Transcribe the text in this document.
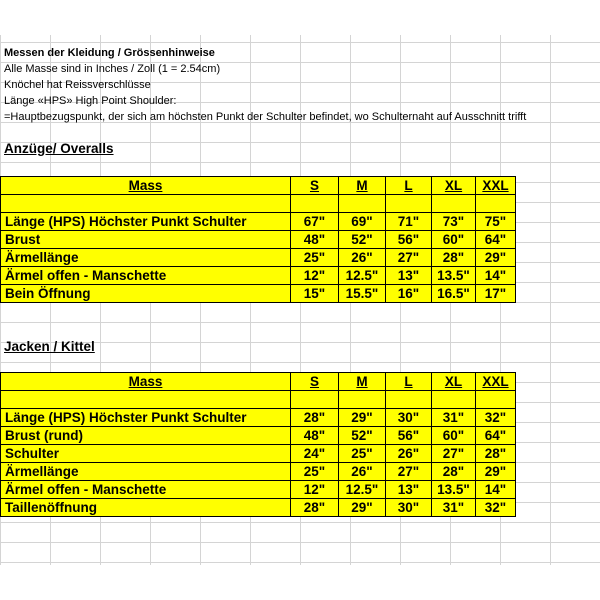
Messen der Kleidung / Grössenhinweise
Alle Masse sind in Inches / Zoll (1 = 2.54cm)
Knöchel hat Reissverschlüsse
Länge «HPS» High Point Shoulder:
=Hauptbezugspunkt, der sich am höchsten Punkt der Schulter befindet, wo Schulternaht auf Ausschnitt trifft
Anzüge/ Overalls
Mass	S	M	L	XL	XXL

Länge (HPS) Höchster Punkt Schulter	67"	69"	71"	73"	75"
Brust	48"	52"	56"	60"	64"
Ärmellänge	25"	26"	27"	28"	29"
Ärmel offen - Manschette	12"	12.5"	13"	13.5"	14"
Bein Öffnung	15"	15.5"	16"	16.5"	17"
Jacken / Kittel
Mass	S	M	L	XL	XXL

Länge (HPS) Höchster Punkt Schulter	28"	29"	30"	31"	32"
Brust (rund)	48"	52"	56"	60"	64"
Schulter	24"	25"	26"	27"	28"
Ärmellänge	25"	26"	27"	28"	29"
Ärmel offen - Manschette	12"	12.5"	13"	13.5"	14"
Taillenöffnung	28"	29"	30"	31"	32"
